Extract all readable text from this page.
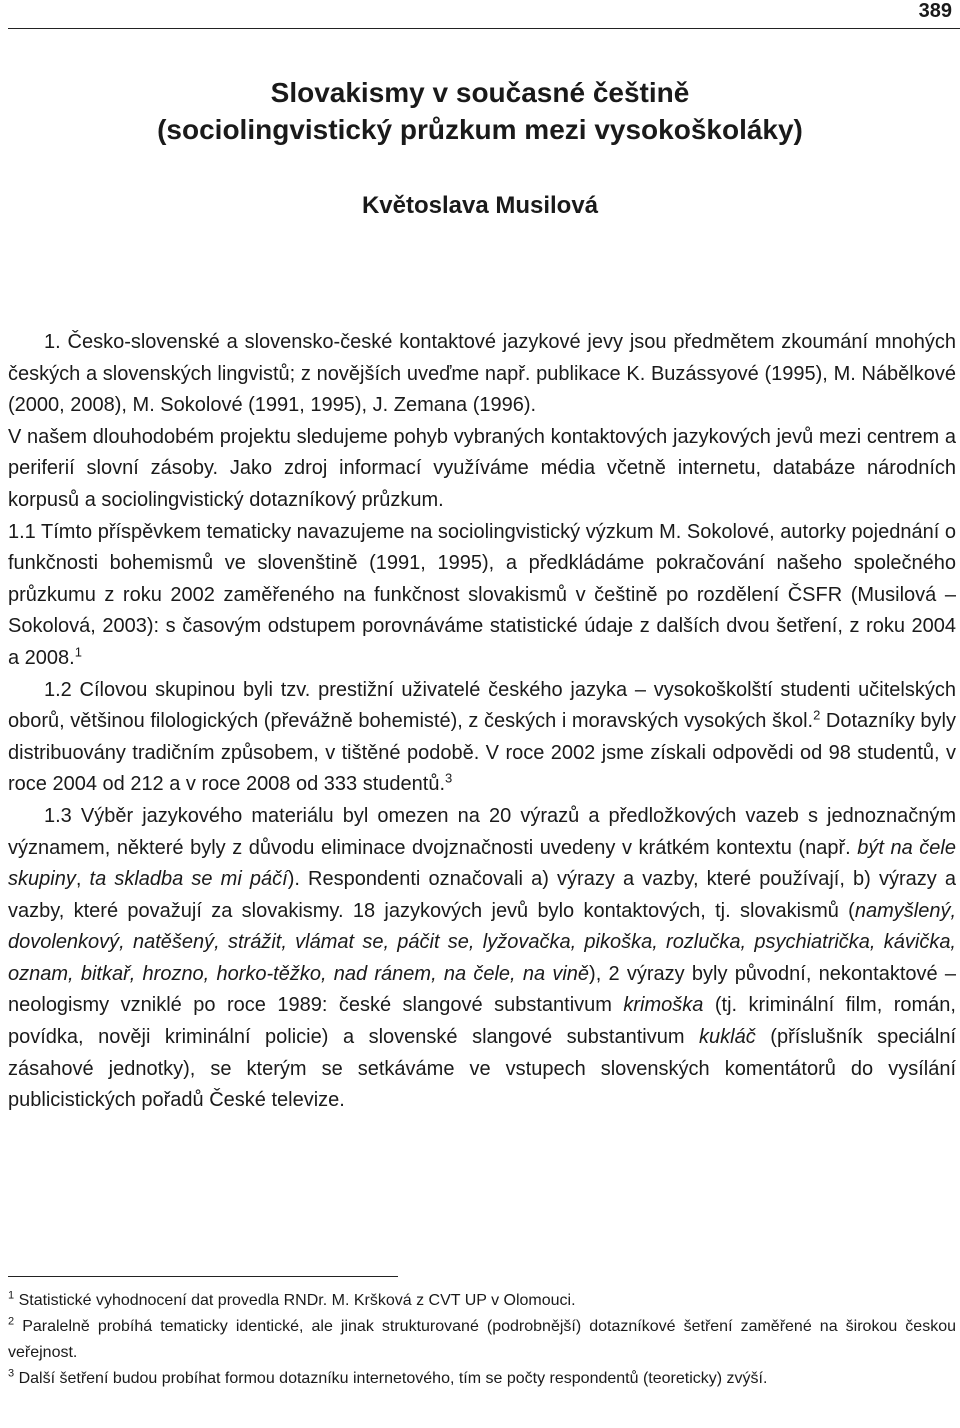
389
Slovakismy v současné češtině
(sociolingvistický průzkum mezi vysokoškoláky)
Květoslava Musilová

1. Česko-slovenské a slovensko-české kontaktové jazykové jevy jsou předmětem zkoumání mnohých českých a slovenských lingvistů; z novějších uveďme např. publikace K. Buzássyové (1995), M. Nábělkové (2000, 2008), M. Sokolové (1991, 1995), J. Zemana (1996).

V našem dlouhodobém projektu sledujeme pohyb vybraných kontaktových jazykových jevů mezi centrem a periferií slovní zásoby. Jako zdroj informací využíváme média včetně internetu, databáze národních korpusů a sociolingvistický dotazníkový průzkum.

1.1 Tímto příspěvkem tematicky navazujeme na sociolingvistický výzkum M. Sokolové, autorky pojednání o funkčnosti bohemismů ve slovenštině (1991, 1995), a předkládáme pokračování našeho společného průzkumu z roku 2002 zaměřeného na funkčnost slovakismů v češtině po rozdělení ČSFR (Musilová – Sokolová, 2003): s časovým odstupem porovnáváme statistické údaje z dalších dvou šetření, z roku 2004 a 2008.$^1$

1.2 Cílovou skupinou byli tzv. prestižní uživatelé českého jazyka – vysokoškolští studenti učitelských oborů, většinou filologických (převážně bohemisté), z českých i moravských vysokých škol.$^2$ Dotazníky byly distribuovány tradičním způsobem, v tištěné podobě. V roce 2002 jsme získali odpovědi od 98 studentů, v roce 2004 od 212 a v roce 2008 od 333 studentů.$^3$

1.3 Výběr jazykového materiálu byl omezen na 20 výrazů a předložkových vazeb s jednoznačným významem, některé byly z důvodu eliminace dvojznačnosti uvedeny v krátkém kontextu (např. být na čele skupiny, ta skladba se mi páčí). Respondenti označovali a) výrazy a vazby, které používají, b) výrazy a vazby, které považují za slovakismy. 18 jazykových jevů bylo kontaktových, tj. slovakismů (namyšlený, dovolenkový, natěšený, strážit, vlámat se, páčit se, lyžovačka, pikoška, rozlučka, psychiatrička, kávička, oznam, bitkař, hrozno, horko-těžko, nad ránem, na čele, na vině), 2 výrazy byly původní, nekontaktové – neologismy vzniklé po roce 1989: české slangové substantivum krimoška (tj. kriminální film, román, povídka, nověji kriminální policie) a slovenské slangové substantivum kukláč (příslušník speciální zásahové jednotky), se kterým se setkáváme ve vstupech slovenských komentátorů do vysílání publicistických pořadů České televize.

$^1$ Statistické vyhodnocení dat provedla RNDr. M. Kršková z CVT UP v Olomouci.

$^2$ Paralelně probíhá tematicky identické, ale jinak strukturované (podrobnější) dotazníkové šetření zaměřené na širokou českou veřejnost.

$^3$ Další šetření budou probíhat formou dotazníku internetového, tím se počty respondentů (teoreticky) zvýší.
